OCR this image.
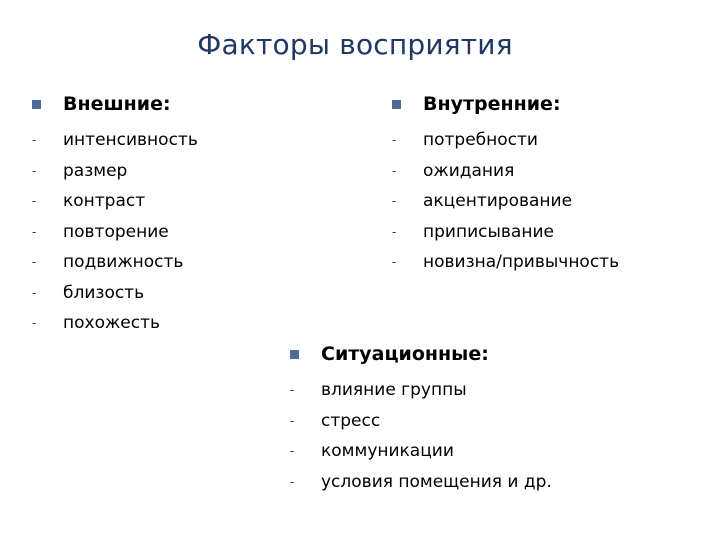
Факторы восприятия
Внешние:
- интенсивность
- размер
- контраст
- повторение
- подвижность
- близость
- похожесть
Внутренние:
- потребности
- ожидания
- акцентирование
- приписывание
- новизна/привычность
Ситуационные:
- влияние группы
- стресс
- коммуникации
- условия помещения и др.
